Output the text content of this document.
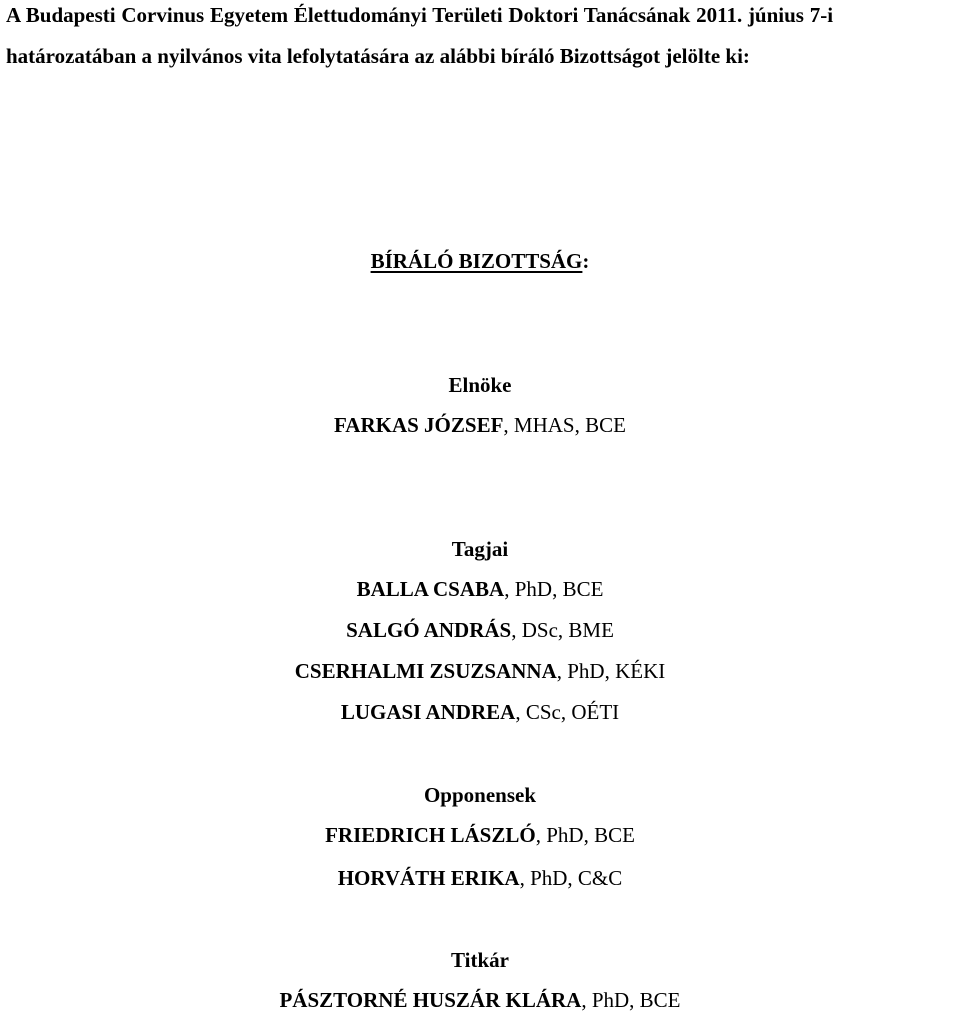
A Budapesti Corvinus Egyetem Élettudományi Területi Doktori Tanácsának 2011. június 7-i
határozatában a nyilvános vita lefolytatására az alábbi bíráló Bizottságot jelölte ki:
BÍRÁLÓ BIZOTTSÁG:
Elnöke
FARKAS JÓZSEF, MHAS, BCE
Tagjai
BALLA CSABA, PhD, BCE
SALGÓ ANDRÁS, DSc, BME
CSERHALMI ZSUZSANNA, PhD, KÉKI
LUGASI ANDREA, CSc, OÉTI
Opponensek
FRIEDRICH LÁSZLÓ, PhD, BCE
HORVÁTH ERIKA, PhD, C&C
Titkár
PÁSZTORNÉ HUSZÁR KLÁRA, PhD, BCE
